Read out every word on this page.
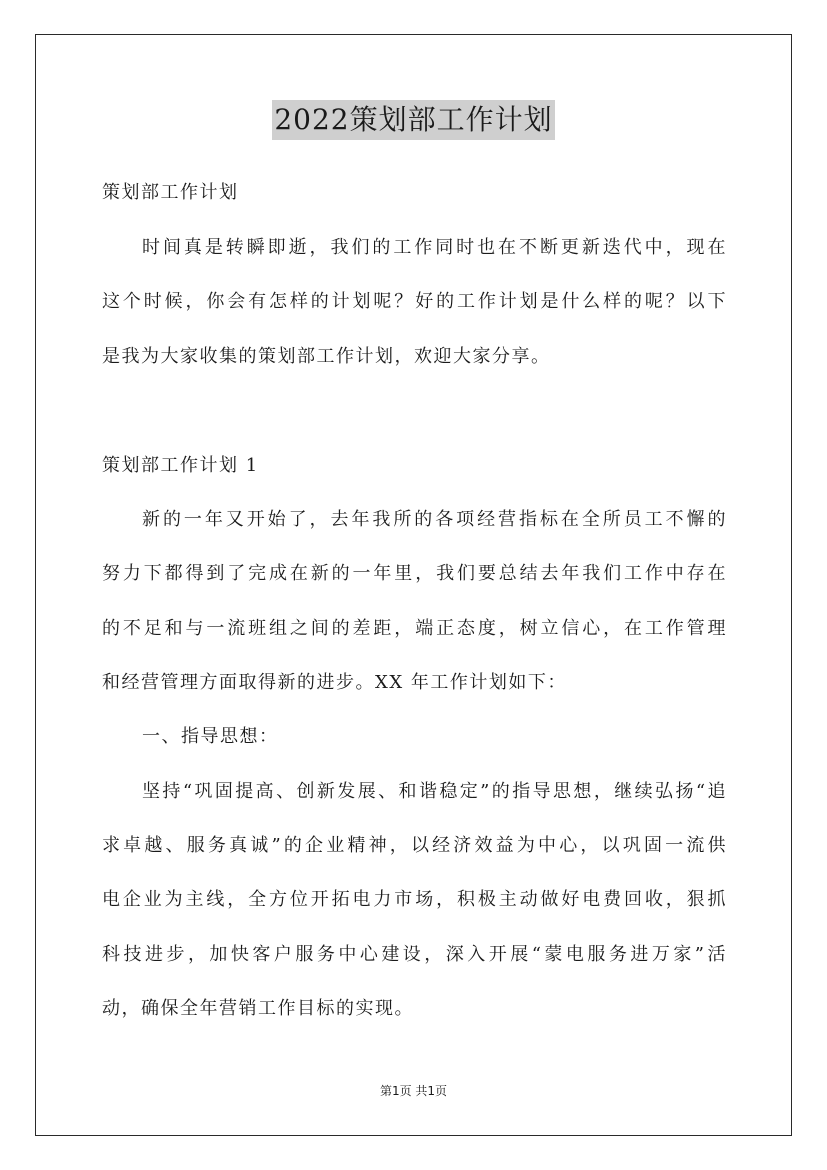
2022策划部工作计划
策划部工作计划
时间真是转瞬即逝，我们的工作同时也在不断更新迭代中，现在
这个时候，你会有怎样的计划呢？好的工作计划是什么样的呢？以下
是我为大家收集的策划部工作计划，欢迎大家分享。
策划部工作计划 1
新的一年又开始了，去年我所的各项经营指标在全所员工不懈的
努力下都得到了完成在新的一年里，我们要总结去年我们工作中存在
的不足和与一流班组之间的差距，端正态度，树立信心，在工作管理
和经营管理方面取得新的进步。XX 年工作计划如下：
一、指导思想：
坚持“巩固提高、创新发展、和谐稳定”的指导思想，继续弘扬“追
求卓越、服务真诚”的企业精神，以经济效益为中心，以巩固一流供
电企业为主线，全方位开拓电力市场，积极主动做好电费回收，狠抓
科技进步，加快客户服务中心建设，深入开展“蒙电服务进万家”活
动，确保全年营销工作目标的实现。
第1页 共1页
